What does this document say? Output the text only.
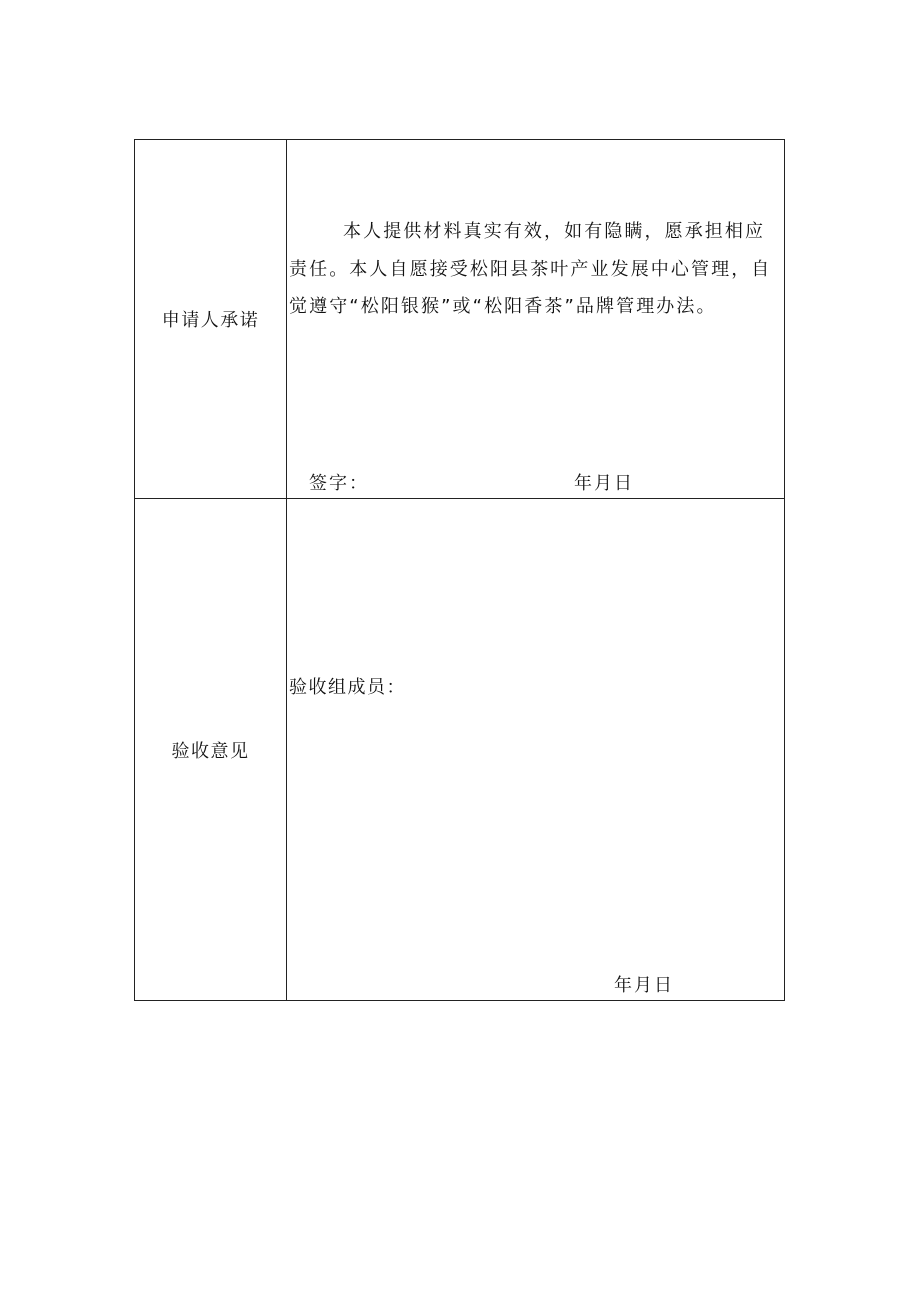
申请人承诺

本人提供材料真实有效，如有隐瞒，愿承担相应责任。本人自愿接受松阳县茶叶产业发展中心管理，自觉遵守“松阳银猴”或“松阳香茶”品牌管理办法。

签字：	年月日
验收意见
验收组成员：
年月日
